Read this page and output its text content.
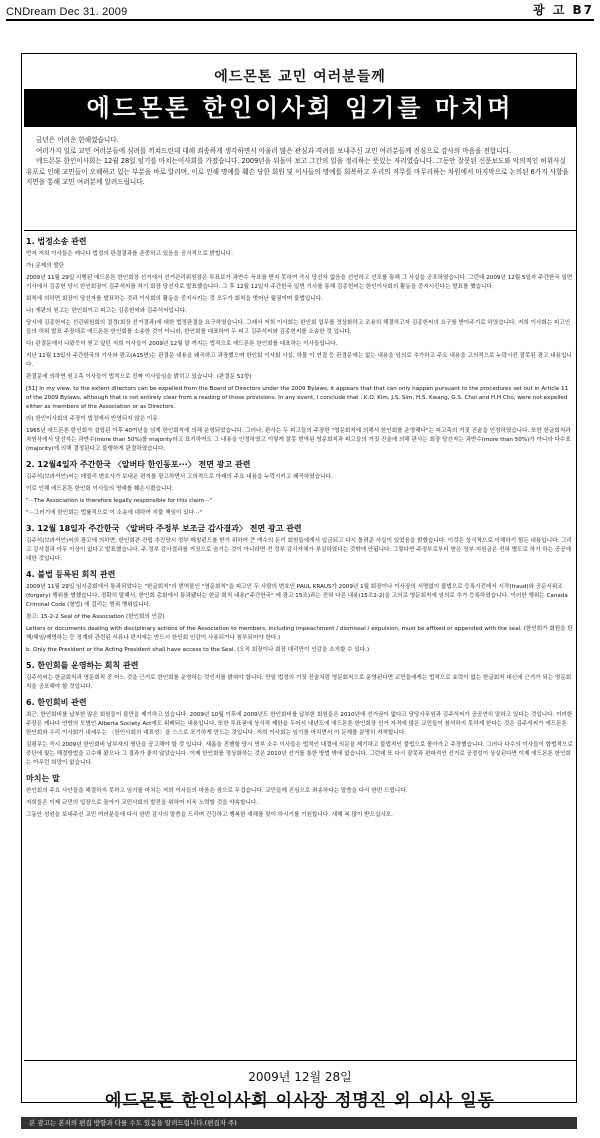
CNDream Dec 31. 2009	광 고 B7
에드몬톤 교민 여러분들께
에드몬톤 한인이사회 임기를 마치며

금년은 어려운 한해였습니다.

여러가지 일로 교민 여러분들에 심려를 끼쳐드린데 대해 죄송하게 생각하면서 아울러 많은 관심과 격려를 보내주신 교민 여러분들께 진심으로 감사의 마음을 전합니다.

에드몬톤 한인이사회는 12월 28일 임기를 마치는이사회를 가졌습니다. 2009년을 뒤돌아 보고 그간의 일을 정리하는 뜻있는 자리였습니다. 그동안 잘못된 신문보도와 악의적인 허위사실 유포로 인해 교민들이 오해하고 있는 부분을 바로 알리며, 이로 인해 명예를 훼손 당한 회원 및 이사들의 명예를 회복하고 우리의 직무를 마무리하는 차원에서 마지막으로 논의된 6가지 사항을 지면을 통해 교민 여러분께 알려드립니다.

1. 법정소송 관련

먼저 저희 이사들은 캐나다 법정의 판결결과를 존중하고 있음을 공식적으로 밝힙니다.

가) 문제의 발단

2009년 11월 29일 시행된 에드몬톤 한인회장 선거에서 선거관리위원장은 투표보가 과반수 득표를 받지 못하여 즉시 당선자 없음을 선언하고 선포를 통해 그 사실을 공포하였습니다. 그런데 2009년 12월 5일자 주간한국 일면 기사에서 김종헌 당시 한인회장이 김주석씨를 차기 회장 당선자로 발표했습니다. 그 후 12월 12일자 주간한국 일면 기사를 통해 김종헌씨는 한인이사회의 활동을 중지시킨다는 발표를 했습니다.

회칙에 의하면 회장이 당선자를 발표하는 것과 이사회의 활동을 중지시키는 것 모두가 회칙을 벗어난 월권이며 불법입니다.

나) 재판의 원고는 한인회이고 피고는 김종헌씨와 김주석씨입니다.

당시에 김종헌씨는 선관위원회의 결정(회장 선거결과)에 대한 법정판결을 요구하였습니다. 그래서 저희 이사회는 한인회 업무를 정상화하고 조용히 해결하고자 김종헌씨의 요구를 받아주기로 하였습니다. 저희 이사회는 피고인들의 허위 발표 주장대로 에드몬톤 한인회를 소송한 것이 아니라, 한인회를 대표하여 두 피고 김주석씨와 김종헌씨를 소송한 것 입니다.

다) 판결문에서 나왔듯이 원고 앞던 저희 이사들이 2009년 12월 말 까지는 법적으로 에드몬톤 한인회를 대표하는 이사들입니다.

지난 11월 13일자 주간한국의 기사와 광고(A15면)는 판결문 내용을 왜곡하고 과장했으며 한인회 이사회 사실, 하물 이 연결 등 판결문에는 없는 내용을 임의로 추가하고 주요 내용을 고의적으로 누락시킨 잘못된 광고 내용입니다.

판결문에 의하면 원고측 이사들이 법적으로 진짜 이사들임을 밝히고 있습니다. (판결문 51항)

[51] In my view, to the extent directors can be expelled from the Board of Directors under the 2009 Bylaws, it appears that that can only happen pursuant to the procedures set out in Article 11 of the 2009 Bylaws, although that is not entirely clear from a reading of those provisions. In any event, I conclude that : K.O. Kim, J.S. Sim, H.S. Kwang, G.S. Choi and H.H Cho, were not expelled either as members of the Association or as Directors.

라) 한인이사회의 주장이 법정에서 반영되지 않은 이유

1965년 에드몬톤 한인회가 설립된 이후 40여년을 넘게 한인회칙에 의해 운영되었습니다. 그러나, 판사는 두 피고들의 주장한 "영문회칙에 의해서 한인회를 운영해다"는 피고측의 거짓 진술을 인정하였습니다. 또한 한글회칙과 차원사에서 당선자는 과반수(more than 50%)를 majority라고 표기하여도 그 내용을 인정하였고 이렇게 잘못 번역된 영문회칙과 피고들의 거짓 진술에 의해 판사는 회장 당선자는 과반수(more than 50%)가 아니라 다수표(majority)에 의해 결정된다고 불행하게 판결하였습니다.

2. 12월4일자 주간한국 〈알버타 한인동포···〉 전면 광고 관련

김주석(브라이언)씨는 데얼리 변호사가 보내온 편지를 광고하면서 고의적으로 아래의 주요 내용을 누락시키고 왜곡하였습니다.

이로 인해 에드몬톤 한인회 이사들의 명예를 훼손시켰습니다.

"···The Association is therefore legally responsible for this claim···"

"···그러기에 한인회는 법률적으로 이 소송에 대하여 지불 책임이 있다···"

3. 12월 18일자 주간한국 〈알버타 주정부 보조금 감사결과〉 전면 광고 관련

김주석(브라이언)씨의 광고에 의하면, 한인회관 건립 추진당시 정부 매칭펀드를 받기 위하여 큰 액수의 돈이 회원들에게서 입금되고 다시 돌려준 사실이 있었음을 밝혔습니다. 이것은 상식적으로 이해하기 힘든 내용입니다. 그리고 감사결과 아무 이상이 없다고 발표했습니다. 주 정부 감사결과를 거짓으로 숨기는 것이 아니라면 전 정부 감사자체가 부실하였다는 것밖에 안됩니다. 그렇다면 주정부로부터 받은 정부 지원금은 전혀 별도로 하기 하는 공공에 대한 것입니다.

4. 불법 등록된 회칙 관련

2009년 11월 29일 임시총회에서 통과되었다는 "한글회칙"의 번역물인 "영문회칙"을 피고인 두 사람의 변호인 PAUL KRAUS가 2009년 1월 회장이나 이사장의 서명없이 불법으로 등록시킨데서 시작(fraud)와 공문서위조(forgery) 행위를 범했습니다. 정확히 말해서, 한인회 총회에서 통과됐다는 한글 회칙 내용("주간한국" 에 광고 15조)과는 전혀 다른 내용(15조2-2)을 고의로 영문회칙에 임의로 추가 등록하였습니다. 이러한 행위는 Canada Criminal Code (형법) 에 걸리는 범죄 행위입니다.

참고: 15-2-2 Seal of the Association (한인회의 인감)

Letters or documents dealing with disciplinary actions of the Association to members, including impeachment / dismissal / expulsion, must be affixed or appended with the seal. (한인회가 회원을 탄핵/해임/제명하는 등 징계와 관련된 서류나 편지에는 반드시 한인회 인감이 사용되거나 첨부되어야 한다.)

b. Only the President or the Acting President shall have access to the Seal. (오직 회장이나 회장 대리만이 인감을 소지할 수 있다.)

5. 한인회를 운영하는 회칙 관련

김주석씨는 한글회칙과 영문회칙 중 어느 것을 근거로 한인회를 운영하는 것인지를 밝혀야 합니다. 만일 법정의 거짓 진술처럼 영문회칙으로 운영된다면 교민들에게는 법적으로 효력이 없는 한글회칙 대신에 근거가 되는 영문회칙을 공포해야 할 것입니다.

6. 한인회비 관련

최근, 한인회비를 납부한 많은 회원들이 불만을 제기하고 있습니다. 2009년 10월 이후에 2009년도 한인회비를 납부한 회원들은 2010년에 선거권이 없다고 당당사무원과 김주석씨가 공공연히 말하고 있다는 것입니다. 이러한 주장은 캐나다 연방의 모범인 Alberta Society Act에도 위배되는 내용입니다. 또한 투표권에 상식적 제한을 두어서 내년도에 에드몬톤 한인회장 선거 자격에 많은 교민들이 참석하지 못하게 한다는 것은 김주석씨가 에드몬톤 한인회와 우리 이사회가 내세우는 〈한인사회의 대표성〉을 스스로 포기하게 만드는 것입니다. 저희 이사회는 임기를 마치면서 이 문제를 분명히 지적합니다.

김평무는 즉시 2009년 한인회비 납부자의 명단을 공고해야 할 것 입니다. 새롭을 진행할 당시 명부 소수 이사들은 법적인 대결에 의문을 제기하고 불법적인 불법으로 몰아가고 주장했습니다. 그러나 다수의 이사들이 합법적으로 중단에 빛는 해결방법을 고수해 왔으나 그 결과가 좋지 않았습니다. 이제 한인회를 정상화하는 것은 2010년 선거를 통한 방법 밖에 없습니다. 그런데 또 다시 잘못과 편파적인 선거로 공정성이 상실된다면 이제 에드몬톤 한인회는 아무런 희망이 없습니다.

마치는 말

한인회의 주요 사안들을 해결하지 못하고 임기를 마치는 저희 이사들의 마음은 참으로 무겁습니다. 교민들께 진심으로 죄송하다는 말씀을 다시 한번 드립니다.

저희들은 이제 교민의 입장으로 돌아가 교민사회의 발전을 위하여 더욱 노력할 것을 약속합니다.

그동안 성원을 보내주신 교민 여러분들에 다시 한번 감사의 말씀을 드리며 건강하고 행복한 새해를 맞이 하시기를 기원합니다. 새해 복 많이 받으십시오.

2009년 12월 28일
에드몬톤 한인이사회 이사장 정명진 외 이사 일동
본 광고는 본지의 편집 방향과 다를 수도 있음을 알려드립니다.(편집자 주)
